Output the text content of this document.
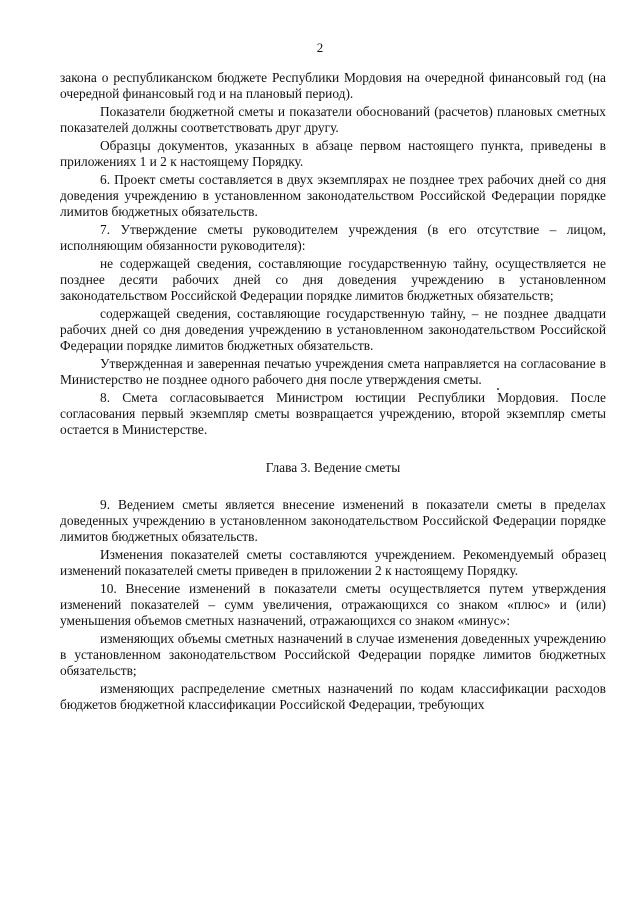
2

закона о республиканском бюджете Республики Мордовия на очередной финансовый год (на очередной финансовый год и на плановый период).

Показатели бюджетной сметы и показатели обоснований (расчетов) плановых сметных показателей должны соответствовать друг другу.

Образцы документов, указанных в абзаце первом настоящего пункта, приведены в приложениях 1 и 2 к настоящему Порядку.

6. Проект сметы составляется в двух экземплярах не позднее трех рабочих дней со дня доведения учреждению в установленном законодательством Российской Федерации порядке лимитов бюджетных обязательств.

7. Утверждение сметы руководителем учреждения (в его отсутствие – лицом, исполняющим обязанности руководителя):

не содержащей сведения, составляющие государственную тайну, осуществляется не позднее десяти рабочих дней со дня доведения учреждению в установленном законодательством Российской Федерации порядке лимитов бюджетных обязательств;

содержащей сведения, составляющие государственную тайну, – не позднее двадцати рабочих дней со дня доведения учреждению в установленном законодательством Российской Федерации порядке лимитов бюджетных обязательств.

Утвержденная и заверенная печатью учреждения смета направляется на согласование в Министерство не позднее одного рабочего дня после утверждения сметы.

8. Смета согласовывается Министром юстиции Республики Мордовия. После согласования первый экземпляр сметы возвращается учреждению, второй экземпляр сметы остается в Министерстве.

Глава 3. Ведение сметы

9. Ведением сметы является внесение изменений в показатели сметы в пределах доведенных учреждению в установленном законодательством Российской Федерации порядке лимитов бюджетных обязательств.

Изменения показателей сметы составляются учреждением. Рекомендуемый образец изменений показателей сметы приведен в приложении 2 к настоящему Порядку.

10. Внесение изменений в показатели сметы осуществляется путем утверждения изменений показателей – сумм увеличения, отражающихся со знаком «плюс» и (или) уменьшения объемов сметных назначений, отражающихся со знаком «минус»:

изменяющих объемы сметных назначений в случае изменения доведенных учреждению в установленном законодательством Российской Федерации порядке лимитов бюджетных обязательств;

изменяющих распределение сметных назначений по кодам классификации расходов бюджетов бюджетной классификации Российской Федерации, требующих
